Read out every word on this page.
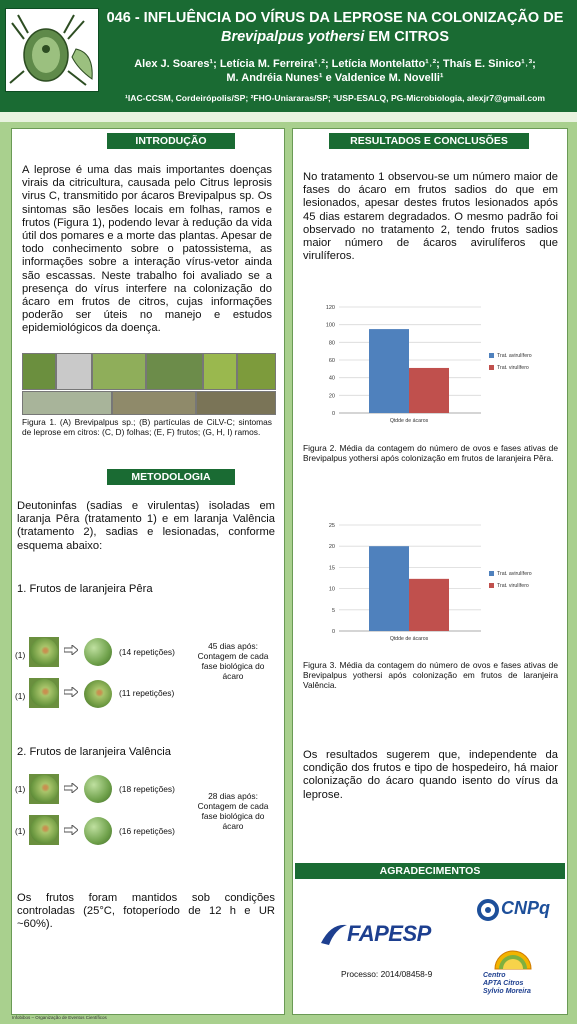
046 - INFLUÊNCIA DO VÍRUS DA LEPROSE NA COLONIZAÇÃO DE
Brevipalpus yothersi EM CITROS
Alex J. Soares¹; Letícia M. Ferreira¹˒²; Letícia Montelatto¹˒²; Thaís E. Sinico¹˒³;
M. Andréia Nunes¹ e Valdenice M. Novelli¹
¹IAC-CCSM, Cordeirópolis/SP; ²FHO-Uniararas/SP; ³USP-ESALQ, PG-Microbiologia, alexjr7@gmail.com
INTRODUÇÃO
A leprose é uma das mais importantes doenças virais da citricultura, causada pelo Citrus leprosis virus C, transmitido por ácaros Brevipalpus sp. Os sintomas são lesões locais em folhas, ramos e frutos (Figura 1), podendo levar à redução da vida útil dos pomares e a morte das plantas. Apesar de todo conhecimento sobre o patossistema, as informações sobre a interação vírus-vetor ainda são escassas. Neste trabalho foi avaliado se a presença do vírus interfere na colonização do ácaro em frutos de citros, cujas informações poderão ser úteis no manejo e estudos epidemiológicos da doença.
Figura 1. (A) Brevipalpus sp.; (B) partículas de CiLV-C; sintomas de leprose em citros: (C, D) folhas; (E, F) frutos; (G, H, I) ramos.
METODOLOGIA
Deutoninfas (sadias e virulentas) isoladas em laranja Pêra (tratamento 1) e em laranja Valência (tratamento 2), sadias e lesionadas, conforme esquema abaixo:
1. Frutos de laranjeira Pêra
(1)	(14 repetições)
(1)	(11 repetições)
45 dias após: Contagem de cada fase biológica do ácaro
2. Frutos de laranjeira Valência
(1)	(18 repetições)
(1)	(16 repetições)
28 dias após: Contagem de cada fase biológica do ácaro
Os frutos foram mantidos sob condições controladas (25°C, fotoperíodo de 12 h e UR ~60%).
RESULTADOS E CONCLUSÕES
No tratamento 1 observou-se um número maior de fases do ácaro em frutos sadios do que em lesionados, apesar destes frutos lesionados após 45 dias estarem degradados. O mesmo padrão foi observado no tratamento 2, tendo frutos sadios maior número de ácaros avirulíferos que virulíferos.
0
20
40
60
80
100
120
Trat. avirulífero
Trat. virulífero
Qtdde de ácaros
Figura 2. Média da contagem do número de ovos e fases ativas de Brevipalpus yothersi após colonização em frutos de laranjeira Pêra.
0
5
10
15
20
25
Trat. avirulífero
Trat. virulífero
Qtdde de ácaros
Figura 3. Média da contagem do número de ovos e fases ativas de Brevipalpus yothersi após colonização em frutos de laranjeira Valência.
Os resultados sugerem que, independente da condição dos frutos e tipo de hospedeiro, há maior colonização do ácaro quando isento do vírus da leprose.
AGRADECIMENTOS
FAPESP
CNPq
Centro
APTA Citros
Sylvio Moreira
Processo: 2014/08458-9
Infobibos – Organização de Eventos Científicos
